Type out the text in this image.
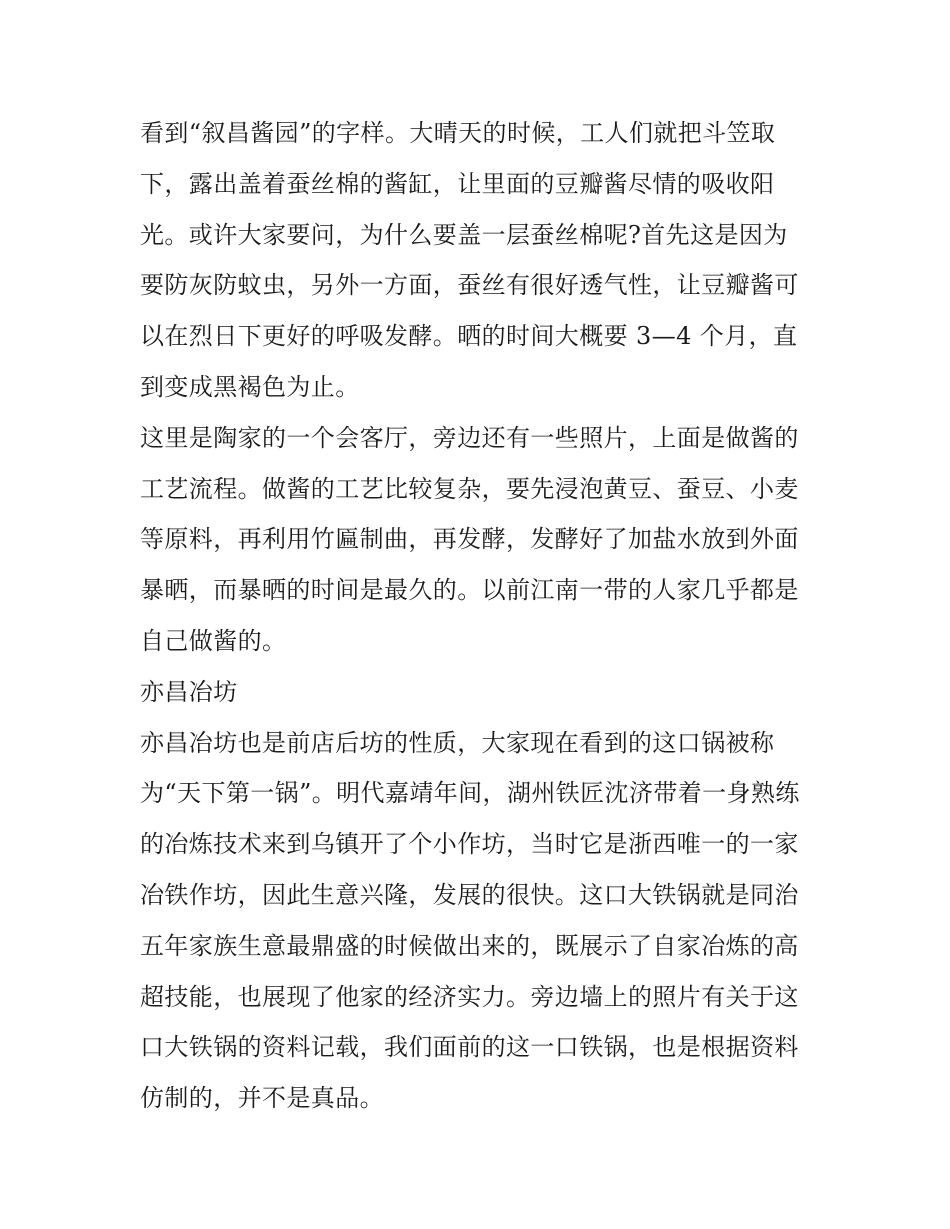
看到“叙昌酱园”的字样。大晴天的时候，工人们就把斗笠取
下，露出盖着蚕丝棉的酱缸，让里面的豆瓣酱尽情的吸收阳
光。或许大家要问，为什么要盖一层蚕丝棉呢?首先这是因为
要防灰防蚊虫，另外一方面，蚕丝有很好透气性，让豆瓣酱可
以在烈日下更好的呼吸发酵。晒的时间大概要 3—4 个月，直
到变成黑褐色为止。

这里是陶家的一个会客厅，旁边还有一些照片，上面是做酱的
工艺流程。做酱的工艺比较复杂，要先浸泡黄豆、蚕豆、小麦
等原料，再利用竹匾制曲，再发酵，发酵好了加盐水放到外面
暴晒，而暴晒的时间是最久的。以前江南一带的人家几乎都是
自己做酱的。

亦昌冶坊

亦昌冶坊也是前店后坊的性质，大家现在看到的这口锅被称
为“天下第一锅”。明代嘉靖年间，湖州铁匠沈济带着一身熟练
的冶炼技术来到乌镇开了个小作坊，当时它是浙西唯一的一家
冶铁作坊，因此生意兴隆，发展的很快。这口大铁锅就是同治
五年家族生意最鼎盛的时候做出来的，既展示了自家冶炼的高
超技能，也展现了他家的经济实力。旁边墙上的照片有关于这
口大铁锅的资料记载，我们面前的这一口铁锅，也是根据资料
仿制的，并不是真品。
